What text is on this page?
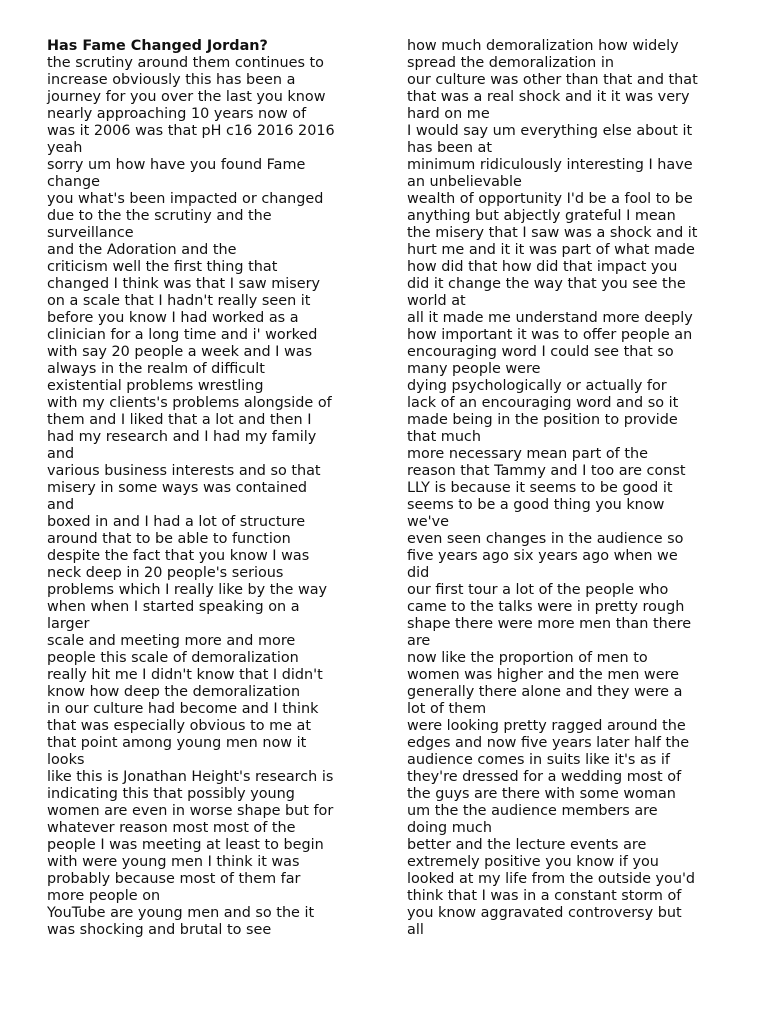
Has Fame Changed Jordan?
the scrutiny around them continues to
increase obviously this has been a
journey for you over the last you know
nearly approaching 10 years now of
was it 2006 was that pH c16 2016 2016
yeah
sorry um how have you found Fame
change
you what's been impacted or changed
due to the the scrutiny and the
surveillance
and the Adoration and the
criticism well the first thing that
changed I think was that I saw misery
on a scale that I hadn't really seen it
before you know I had worked as a
clinician for a long time and i' worked
with say 20 people a week and I was
always in the realm of difficult
existential problems wrestling
with my clients's problems alongside of
them and I liked that a lot and then I
had my research and I had my family
and
various business interests and so that
misery in some ways was contained
and
boxed in and I had a lot of structure
around that to be able to function
despite the fact that you know I was
neck deep in 20 people's serious
problems which I really like by the way
when when I started speaking on a
larger
scale and meeting more and more
people this scale of demoralization
really hit me I didn't know that I didn't
know how deep the demoralization
in our culture had become and I think
that was especially obvious to me at
that point among young men now it
looks
like this is Jonathan Height's research is
indicating this that possibly young
women are even in worse shape but for
whatever reason most most of the
people I was meeting at least to begin
with were young men I think it was
probably because most of them far
more people on
YouTube are young men and so the it
was shocking and brutal to see
how much demoralization how widely
spread the demoralization in
our culture was other than that and that
that was a real shock and it it was very
hard on me
I would say um everything else about it
has been at
minimum ridiculously interesting I have
an unbelievable
wealth of opportunity I'd be a fool to be
anything but abjectly grateful I mean
the misery that I saw was a shock and it
hurt me and it it was part of what made
how did that how did that impact you
did it change the way that you see the
world at
all it made me understand more deeply
how important it was to offer people an
encouraging word I could see that so
many people were
dying psychologically or actually for
lack of an encouraging word and so it
made being in the position to provide
that much
more necessary mean part of the
reason that Tammy and I too are const
LLY is because it seems to be good it
seems to be a good thing you know
we've
even seen changes in the audience so
five years ago six years ago when we
did
our first tour a lot of the people who
came to the talks were in pretty rough
shape there were more men than there
are
now like the proportion of men to
women was higher and the men were
generally there alone and they were a
lot of them
were looking pretty ragged around the
edges and now five years later half the
audience comes in suits like it's as if
they're dressed for a wedding most of
the guys are there with some woman
um the the audience members are
doing much
better and the lecture events are
extremely positive you know if you
looked at my life from the outside you'd
think that I was in a constant storm of
you know aggravated controversy but
all
